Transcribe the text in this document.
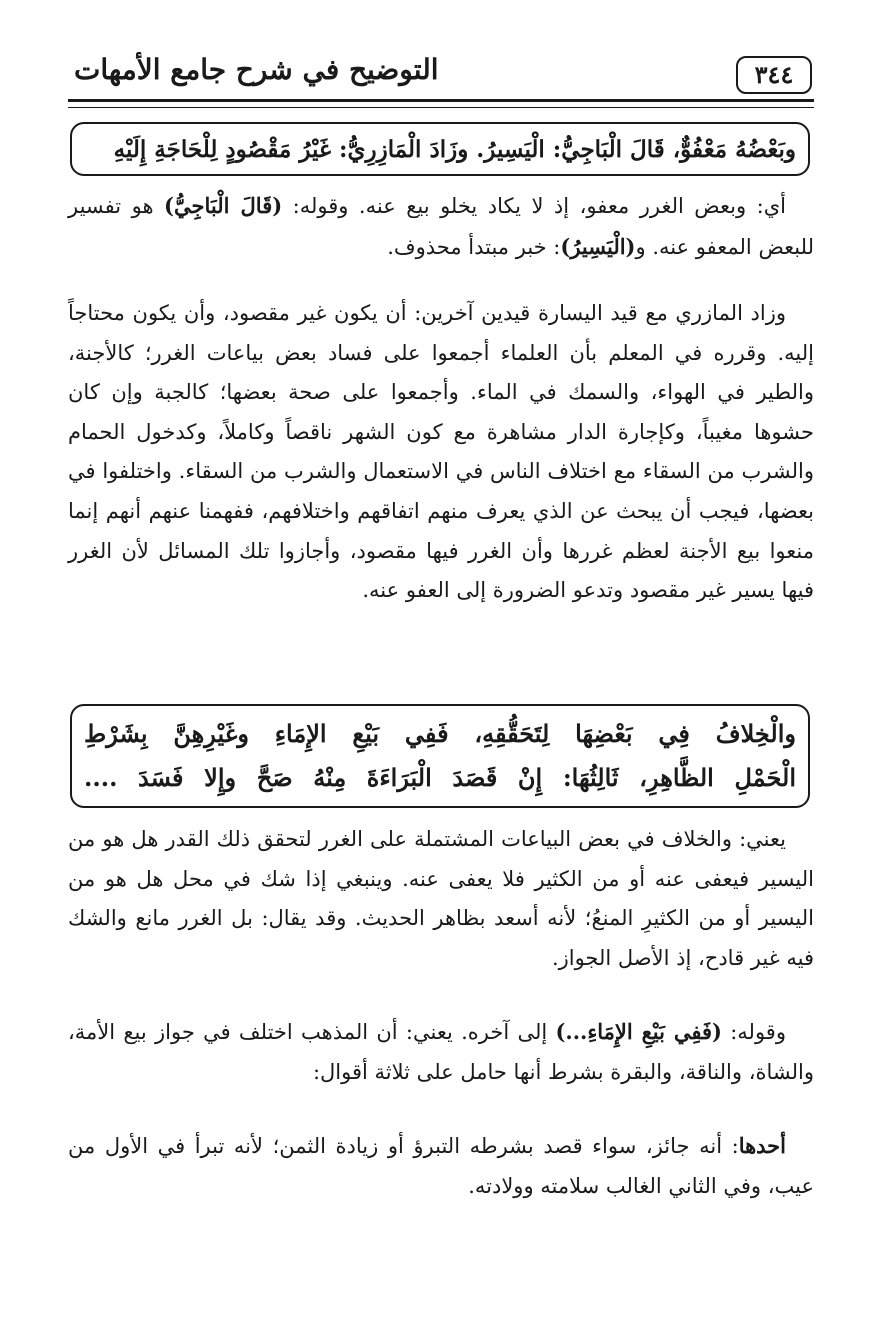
٣٤٤
التوضيح في شرح جامع الأمهات
وبَعْضُهُ مَعْفُوٌّ، قَالَ الْبَاجِيُّ: الْيَسِيرُ. وزَادَ الْمَازِرِيُّ: غَيْرُ مَقْصُودٍ لِلْحَاجَةِ إِلَيْهِ

أي: وبعض الغرر معفو، إذ لا يكاد يخلو بيع عنه. وقوله: (قَالَ الْبَاجِيُّ) هو تفسير للبعض المعفو عنه. و(الْيَسِيرُ): خبر مبتدأ محذوف.

وزاد المازري مع قيد اليسارة قيدين آخرين: أن يكون غير مقصود، وأن يكون محتاجاً إليه. وقرره في المعلم بأن العلماء أجمعوا على فساد بعض بياعات الغرر؛ كالأجنة، والطير في الهواء، والسمك في الماء. وأجمعوا على صحة بعضها؛ كالجبة وإن كان حشوها مغيباً، وكإجارة الدار مشاهرة مع كون الشهر ناقصاً وكاملاً، وكدخول الحمام والشرب من السقاء مع اختلاف الناس في الاستعمال والشرب من السقاء. واختلفوا في بعضها، فيجب أن يبحث عن الذي يعرف منهم اتفاقهم واختلافهم، ففهمنا عنهم أنهم إنما منعوا بيع الأجنة لعظم غررها وأن الغرر فيها مقصود، وأجازوا تلك المسائل لأن الغرر فيها يسير غير مقصود وتدعو الضرورة إلى العفو عنه.

والْخِلافُ فِي بَعْضِهَا لِتَحَقُّقِهِ، فَفِي بَيْعِ الإِمَاءِ وغَيْرِهِنَّ بِشَرْطِ
الْحَمْلِ الظَّاهِرِ، ثَالِثُهَا: إِنْ قَصَدَ الْبَرَاءَةَ مِنْهُ صَحَّ وإِلا فَسَدَ ....

يعني: والخلاف في بعض البياعات المشتملة على الغرر لتحقق ذلك القدر هل هو من اليسير فيعفى عنه أو من الكثير فلا يعفى عنه. وينبغي إذا شك في محل هل هو من اليسير أو من الكثيرِ المنعُ؛ لأنه أسعد بظاهر الحديث. وقد يقال: بل الغرر مانع والشك فيه غير قادح، إذ الأصل الجواز.

وقوله: (فَفِي بَيْعِ الإِمَاءِ...) إلى آخره. يعني: أن المذهب اختلف في جواز بيع الأمة، والشاة، والناقة، والبقرة بشرط أنها حامل على ثلاثة أقوال:

أحدها: أنه جائز، سواء قصد بشرطه التبرؤ أو زيادة الثمن؛ لأنه تبرأ في الأول من عيب، وفي الثاني الغالب سلامته وولادته.
